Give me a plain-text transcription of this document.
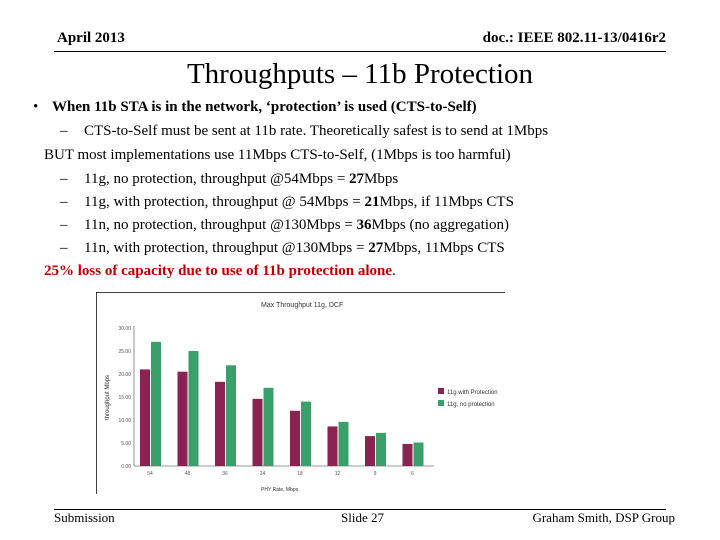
April 2013	doc.: IEEE 802.11-13/0416r2
Throughputs – 11b Protection
• When 11b STA is in the network, ‘protection’ is used (CTS-to-Self)
– CTS-to-Self must be sent at 11b rate. Theoretically safest is to send at 1Mbps
BUT most implementations use 11Mbps CTS-to-Self, (1Mbps is too harmful)
– 11g, no protection, throughput @54Mbps = 27Mbps
– 11g, with protection, throughput @ 54Mbps = 21Mbps, if 11Mbps CTS
– 11n, no protection, throughput @130Mbps = 36Mbps (no aggregation)
– 11n, with protection, throughput @130Mbps = 27Mbps, 11Mbps CTS
25% loss of capacity due to use of 11b protection alone.
Max Throughput 11g, DCF
throughput Mbps
PHY Rate, Mbps
0.00
5.00
10.00
15.00
20.00
25.00
30.00
54	48	36	24	18	12	9	6
11g with Protection
11g, no protection
Submission	Slide 27	Graham Smith, DSP Group
